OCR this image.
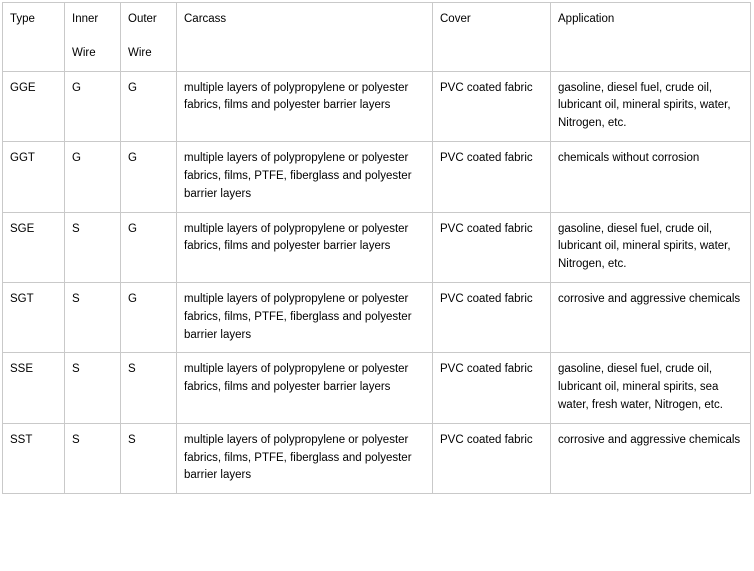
Type	Inner	Outer	Carcass	Cover	Application
	Wire	Wire			
GGE	G	G	multiple layers of polypropylene or polyester fabrics, films and polyester barrier layers	PVC coated fabric	gasoline, diesel fuel, crude oil, lubricant oil, mineral spirits, water, Nitrogen, etc.
GGT	G	G	multiple layers of polypropylene or polyester fabrics, films, PTFE, fiberglass and polyester barrier layers	PVC coated fabric	chemicals without corrosion
SGE	S	G	multiple layers of polypropylene or polyester fabrics, films and polyester barrier layers	PVC coated fabric	gasoline, diesel fuel, crude oil, lubricant oil, mineral spirits, water, Nitrogen, etc.
SGT	S	G	multiple layers of polypropylene or polyester fabrics, films, PTFE, fiberglass and polyester barrier layers	PVC coated fabric	corrosive and aggressive chemicals
SSE	S	S	multiple layers of polypropylene or polyester fabrics, films and polyester barrier layers	PVC coated fabric	gasoline, diesel fuel, crude oil, lubricant oil, mineral spirits, sea water, fresh water, Nitrogen, etc.
SST	S	S	multiple layers of polypropylene or polyester fabrics, films, PTFE, fiberglass and polyester barrier layers	PVC coated fabric	corrosive and aggressive chemicals
